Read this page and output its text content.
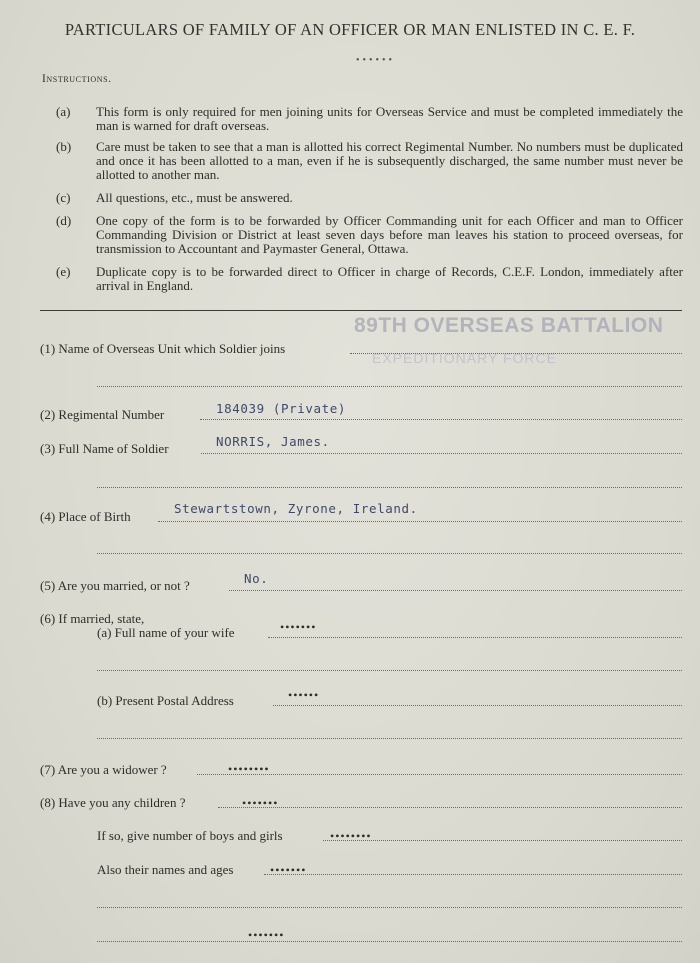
PARTICULARS OF FAMILY OF AN OFFICER OR MAN ENLISTED IN C. E. F.
••••••
Instructions.
(a) This form is only required for men joining units for Overseas Service and must be completed immediately the man is warned for draft overseas.
(b) Care must be taken to see that a man is allotted his correct Regimental Number. No numbers must be duplicated and once it has been allotted to a man, even if he is subsequently discharged, the same number must never be allotted to another man.
(c) All questions, etc., must be answered.
(d) One copy of the form is to be forwarded by Officer Commanding unit for each Officer and man to Officer Commanding Division or District at least seven days before man leaves his station to proceed overseas, for transmission to Accountant and Paymaster General, Ottawa.
(e) Duplicate copy is to be forwarded direct to Officer in charge of Records, C.E.F. London, immediately after arrival in England.
89TH OVERSEAS BATTALION
EXPEDITIONARY FORCE
(1) Name of Overseas Unit which Soldier joins
(2) Regimental Number	184039 (Private)
(3) Full Name of Soldier	NORRIS, James.
(4) Place of Birth
Stewartstown, Zyrone, Ireland.
(5) Are you married, or not ?	No.
(6) If married, state,
(a) Full name of your wife	•••••••
(b) Present Postal Address	••••••
(7) Are you a widower ?	••••••••
(8) Have you any children ?	•••••••
If so, give number of boys and girls	••••••••
Also their names and ages	•••••••
•••••••
